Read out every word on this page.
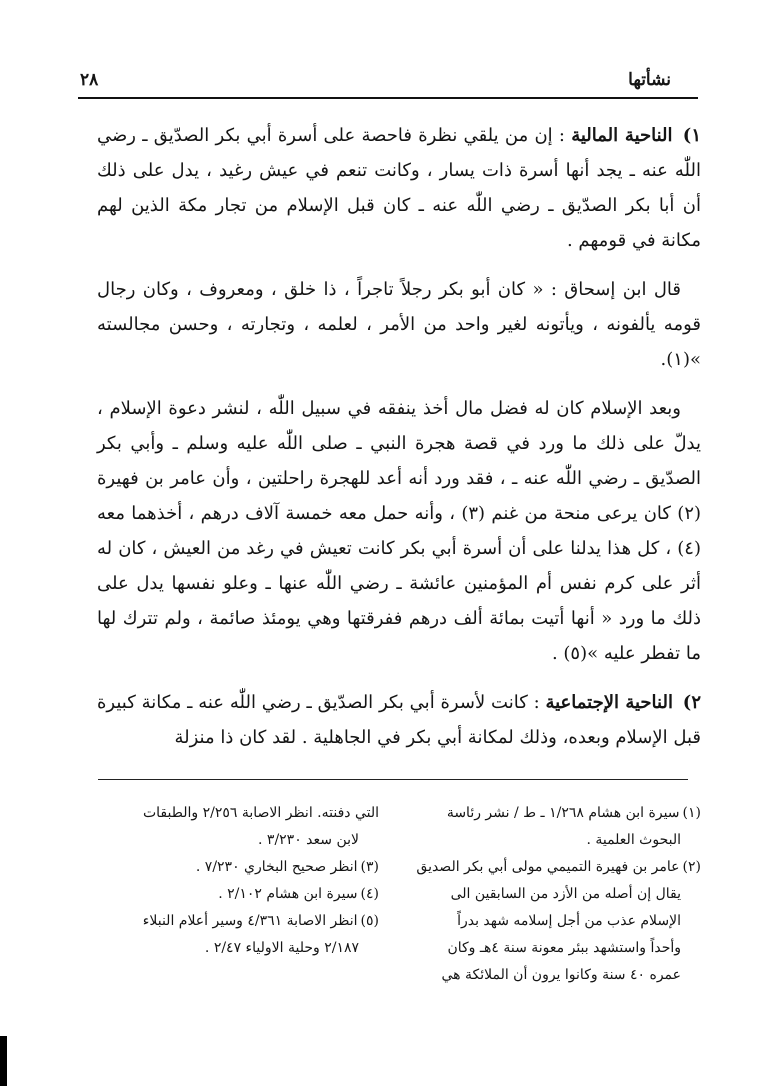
نشأتها
٢٨

١) الناحية المالية : إن من يلقي نظرة فاحصة على أسرة أبي بكر الصدّيق ـ رضي اللّٰه عنه ـ يجد أنها أسرة ذات يسار ، وكانت تنعم في عيش رغيد ، يدل على ذلك أن أبا بكر الصدّيق ـ رضي اللّٰه عنه ـ كان قبل الإسلام من تجار مكة الذين لهم مكانة في قومهم .

قال ابن إسحاق : « كان أبو بكر رجلاً تاجراً ، ذا خلق ، ومعروف ، وكان رجال قومه يألفونه ، ويأتونه لغير واحد من الأمر ، لعلمه ، وتجارته ، وحسن مجالسته »(١).

وبعد الإسلام كان له فضل مال أخذ ينفقه في سبيل اللّٰه ، لنشر دعوة الإسلام ، يدلّ على ذلك ما ورد في قصة هجرة النبي ـ صلى اللّٰه عليه وسلم ـ وأبي بكر الصدّيق ـ رضي اللّٰه عنه ـ ، فقد ورد أنه أعد للهجرة راحلتين ، وأن عامر بن فهيرة (٢) كان يرعى منحة من غنم (٣) ، وأنه حمل معه خمسة آلاف درهم ، أخذهما معه (٤) ، كل هذا يدلنا على أن أسرة أبي بكر كانت تعيش في رغد من العيش ، كان له أثر على كرم نفس أم المؤمنين عائشة ـ رضي اللّٰه عنها ـ وعلو نفسها يدل على ذلك ما ورد « أنها أتيت بمائة ألف درهم ففرقتها وهي يومئذ صائمة ، ولم تترك لها ما تفطر عليه »(٥) .

٢) الناحية الإجتماعية : كانت لأسرة أبي بكر الصدّيق ـ رضي اللّٰه عنه ـ مكانة كبيرة قبل الإسلام وبعده، وذلك لمكانة أبي بكر في الجاهلية . لقد كان ذا منزلة

(١)سيرة ابن هشام ١/٢٦٨ ـ ط / نشر رئاسة

البحوث العلمية .

(٢)عامر بن فهيرة التميمي مولى أبي بكر الصديق

يقال إن أصله من الأزد من السابقين الى

الإسلام عذب من أجل إسلامه شهد بدراً

وأحداً واستشهد ببئر معونة سنة ٤هـ وكان

عمره ٤٠ سنة وكانوا يرون أن الملائكة هي

التي دفنته. انظر الاصابة ٢/٢٥٦ والطبقات

لابن سعد ٣/٢٣٠ .

(٣)انظر صحيح البخاري ٧/٢٣٠ .

(٤)سيرة ابن هشام ٢/١٠٢ .

(٥)انظر الاصابة ٤/٣٦١ وسير أعلام النبلاء

٢/١٨٧ وحلية الاولياء ٢/٤٧ .
